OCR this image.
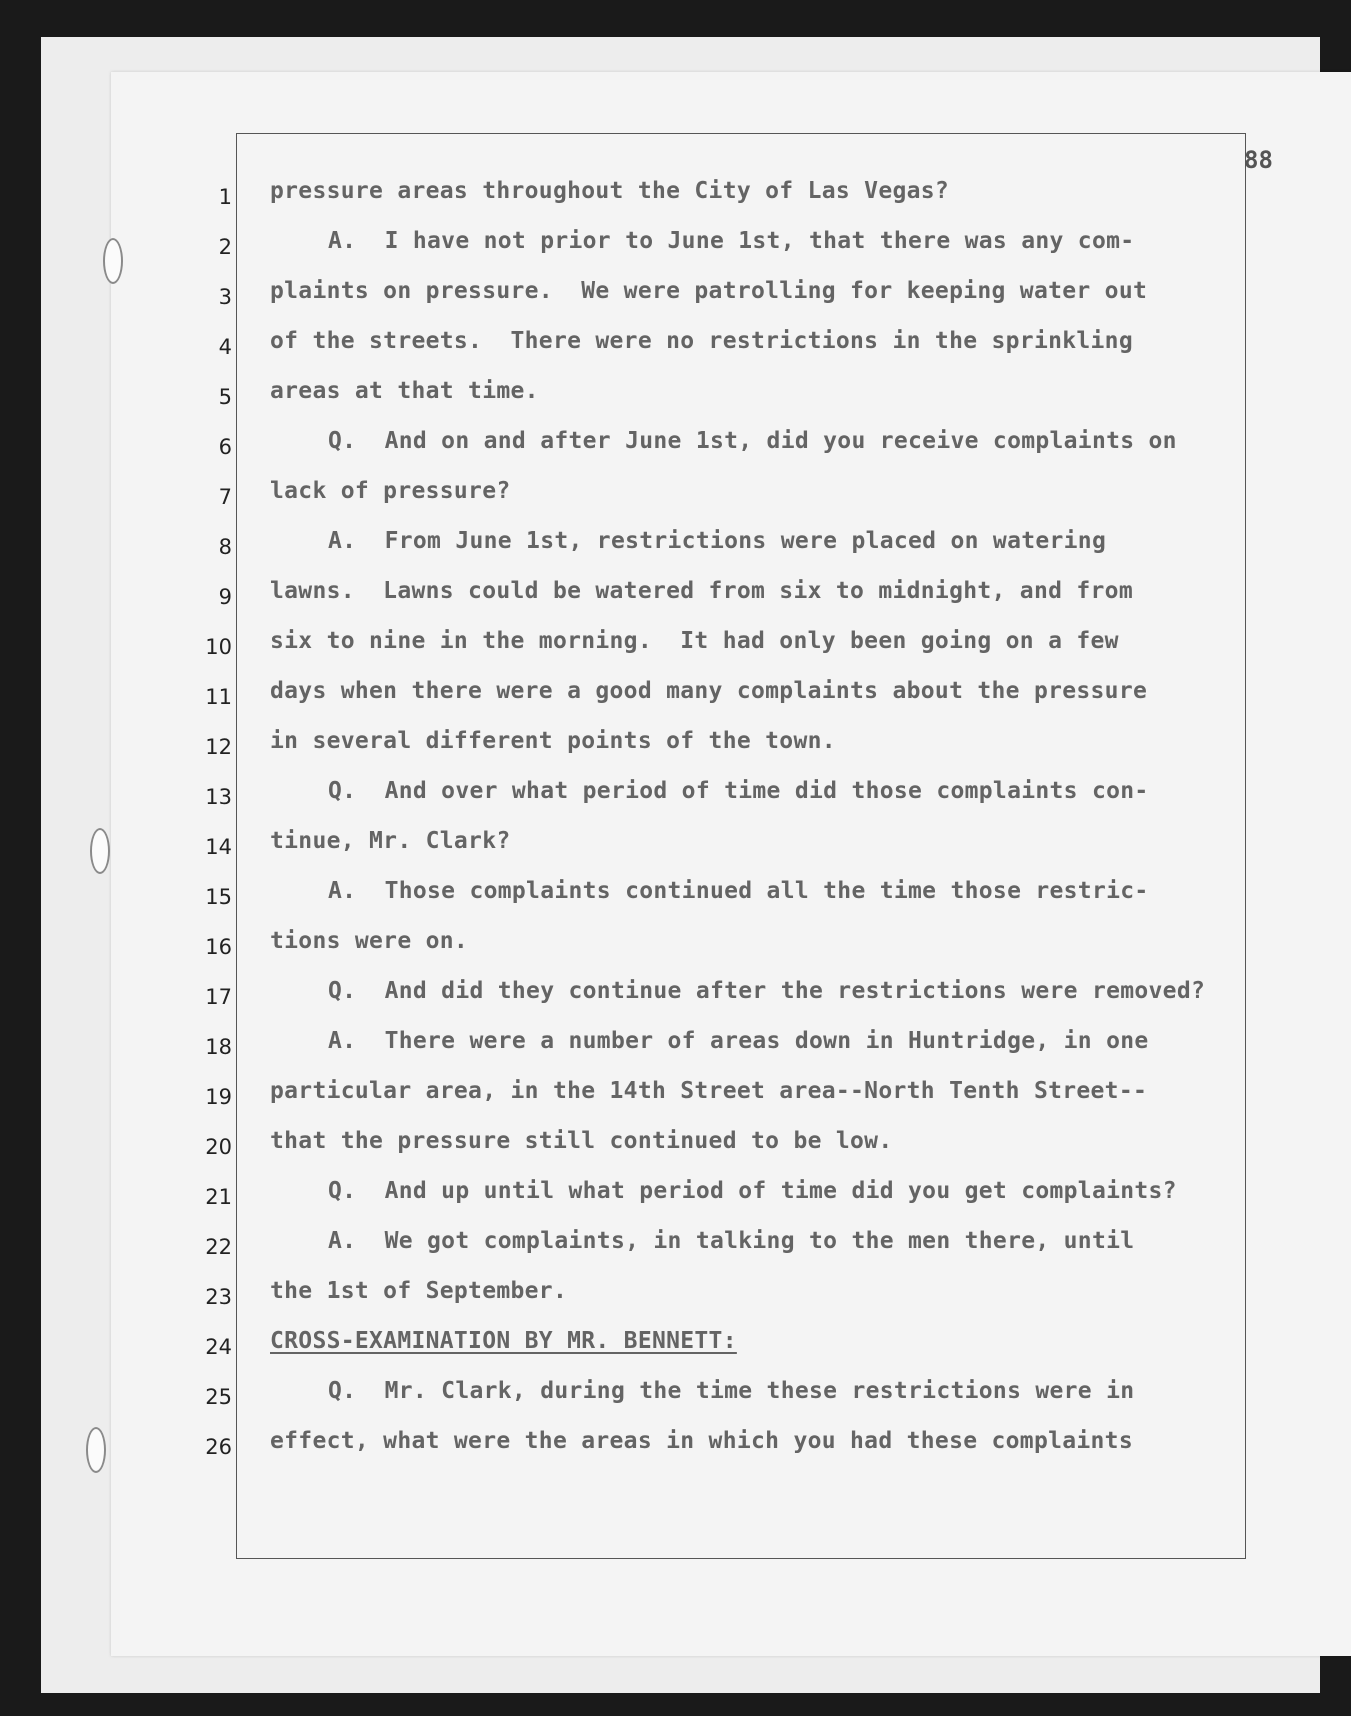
88
1
2
3
4
5
6
7
8
9
10
11
12
13
14
15
16
17
18
19
20
21
22
23
24
25
26
pressure areas throughout the City of Las Vegas?
A.  I have not prior to June 1st, that there was any com-
plaints on pressure.  We were patrolling for keeping water out
of the streets.  There were no restrictions in the sprinkling
areas at that time.
Q.  And on and after June 1st, did you receive complaints on
lack of pressure?
A.  From June 1st, restrictions were placed on watering
lawns.  Lawns could be watered from six to midnight, and from
six to nine in the morning.  It had only been going on a few
days when there were a good many complaints about the pressure
in several different points of the town.
Q.  And over what period of time did those complaints con-
tinue, Mr. Clark?
A.  Those complaints continued all the time those restric-
tions were on.
Q.  And did they continue after the restrictions were removed?
A.  There were a number of areas down in Huntridge, in one
particular area, in the 14th Street area--North Tenth Street--
that the pressure still continued to be low.
Q.  And up until what period of time did you get complaints?
A.  We got complaints, in talking to the men there, until
the 1st of September.
CROSS-EXAMINATION BY MR. BENNETT:
Q.  Mr. Clark, during the time these restrictions were in
effect, what were the areas in which you had these complaints
